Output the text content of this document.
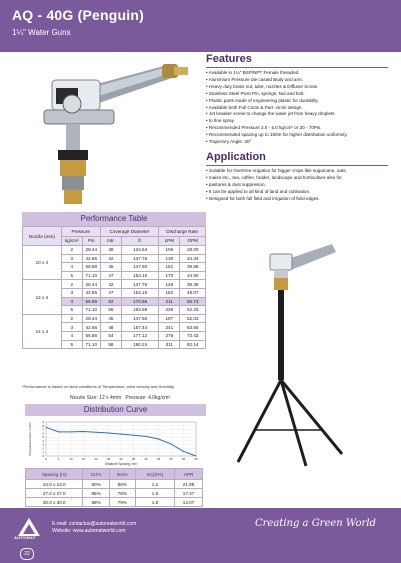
AQ - 40G (Penguin)
1¼" Water Guns
Features
• Available in 1¼" BSP/NPT Female threaded.
• Aluminium Pressure die casted Body and arm.
• Heavy duty brass nut, tube, nozzles & Diffusor Screw.
• Stainless Steel Pivot Pin, springs, Nut and bolt.
• Plastic parts made of engineering plastic for durability.
• Available both Full Circle & Part -circle design.
• Jet breaker screw to change the water jet from heavy droplets
• to fine spray.
• Recommended Pressure 2.0 - 5.0 kg/cm² or 30 - 70Psi.
• Recommended spacing up to 150m for higher distribution uniformity.
• Trajectory Angle: 30°
Application
• Suitable for Overtree irrigation for bigger crops like sugarcane, oats,
• maize etc., tea, coffee, fodder, landscape and horticulture also for
• pastures & dust suppresion.
• It can be applied to all kind of land and cultivation.
• Designed for both full field and irrigation of field edges.
Performance Table
Nozzle (mm)	Pressure		Coverage Diameter		Discharge Rate	
	kg/cm²	Psi	mtr.	ft.	LPM	GPM
10 x 4	2	28.44	38	124.64	106	28.00
	3	42.66	42	137.76	130	34.34
	4	56.88	45	147.60	151	39.88
	5	71.10	47	154.16	170	44.90
12 x 4	2	28.44	42	137.76	149	39.36
	3	42.66	47	154.16	182	48.07
	4	56.88	52	170.56	211	55.73
	5	71.10	56	183.68	236	62.33
14 x 4	2	28.44	45	147.60	197	52.03
	3	42.66	48	157.44	241	63.66
	4	56.88	54	177.12	278	73.43
	5	71.10	58	190.24	311	82.14
*Performance is based on ideal conditions of Temperature, wind velocity and Humidity.
Nozzle Size: 12 x 4mm Pressure: 4.0kg/cm²
Distribution Curve
0
1
2
3
4
5
6
7
8
9
0	5	10	15	20	25	30	35	40	45	50	55	60
Distance Spacing, mm
Precipitation Rate, mm/hr
Spacing (m)	CU%	DU%	SC(S%)	APR
24.0 x 24.0	90%	86%	1.2	21.98
27.0 x 27.0	85%	78%	1.6	17.37
30.0 x 30.0	88%	79%	1.8	14.07
AUTOMAT
E-mail: contactus@automatworld.com
Website: www.automatworld.com
Creating a Green World
22
